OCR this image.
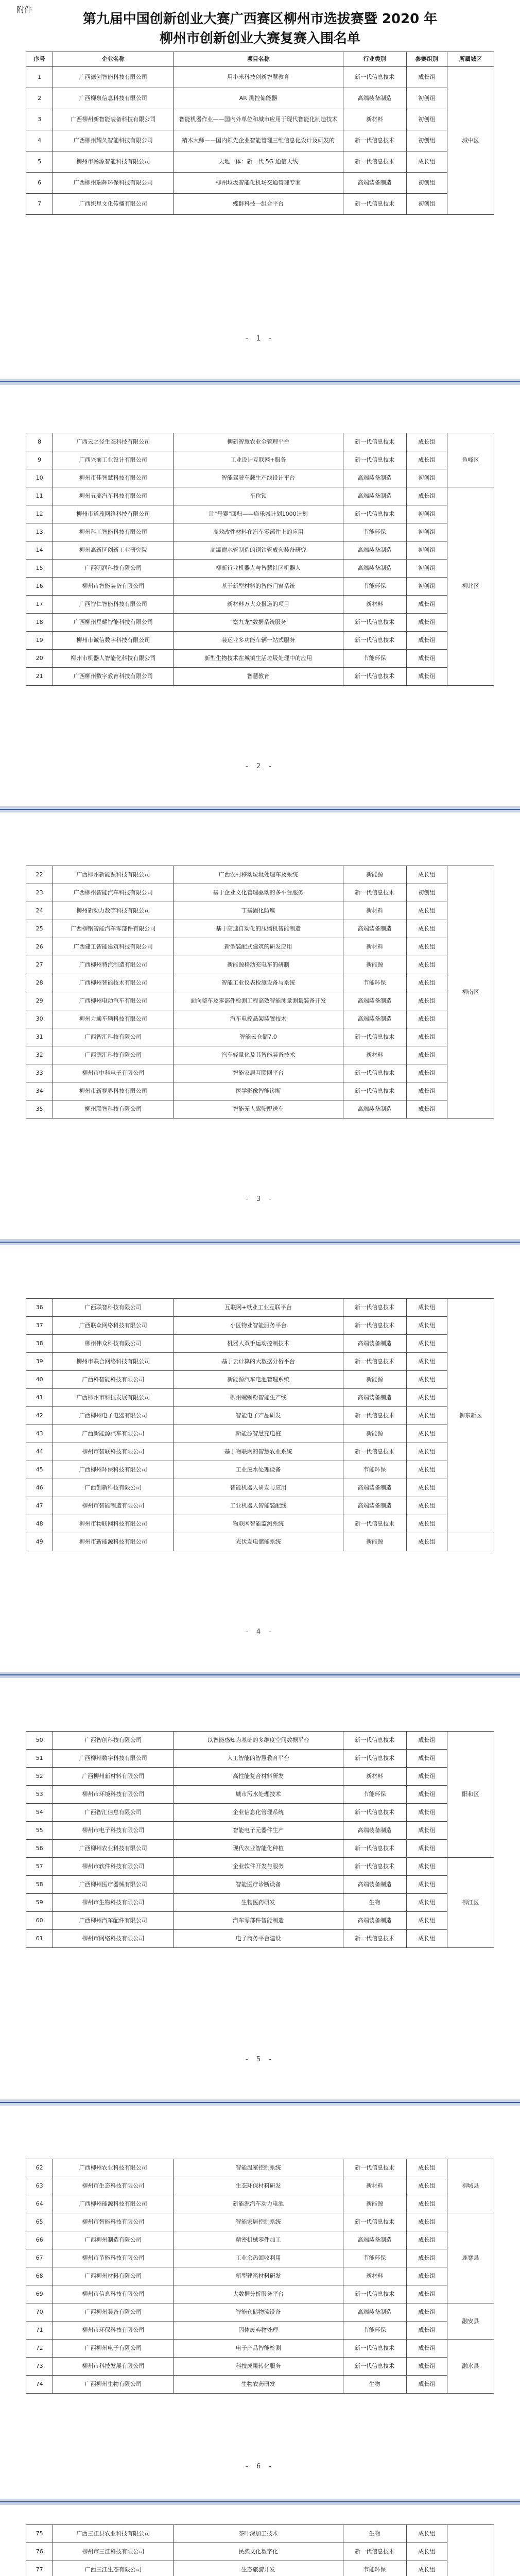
附件
第九届中国创新创业大赛广西赛区柳州市选拔赛暨 2020 年
柳州市创新创业大赛复赛入围名单
序号	企业名称	项目名称	行业类别	参赛组别	所属城区
1	广西德创智能科技有限公司	用小米科技创新智慧教育	新一代信息技术	成长组	城中区
2	广西柳泉信息科技有限公司	AR 测控储能器	高端装备制造	初创组	
3	广西柳州新智能装备科技有限公司	智能机器作业——国内外单位和城市应用于现代智能化制造技术	新材料	初创组	
4	广西柳州耀久智能科技有限公司	精木大师——国内领先企业智能管理三维信息化设计及研发的	新一代信息技术	初创组	
5	柳州市畅源智能科技有限公司	天地一体：新一代 5G 通信天线	新一代信息技术	成长组	
6	广西柳州瑞辉环保科技有限公司	柳州垃圾智能化机场交通管理专家	高端装备制造	初创组	
7	广西织星文化传播有限公司	蝶群科技一组合平台	新一代信息技术	初创组	
- 1 -
8	广西云之径生态科技有限公司	柳新智慧农业全管理平台	新一代信息技术	成长组	鱼峰区
9	广西兴前工业设计有限公司	工业设计互联网+服务	新一代信息技术	成长组	
10	柳州市佳智慧科技有限公司	智能驾驶车载生产线设计平台	高端装备制造	初创组	
11	柳州五菱汽车科技有限公司	车位锁	高端装备制造	成长组	柳北区
12	柳州市道茂网络科技有限公司	让"母婴"回归——鹿乐城计划1000计划	新一代信息技术	初创组	
13	柳州科工智能科技有限公司	高效改性材料在汽车零部件上的应用	节能环保	初创组	
14	柳州高新区创新工业研究院	高温耐水管制造的钢铁管成套装备研究	高端装备制造	初创组	
15	广西明润科技有限公司	柳新行业机器人与智慧社区机器人	高端装备制造	初创组	
16	柳州市智能装备有限公司	基于新型材料的智能门窗系统	节能环保	初创组	
17	广西智仁智能科技有限公司	新材料万大众报道的项目	新材料	成长组	
18	广西柳州星耀智能科技有限公司	"察九龙"数据系统服务	新一代信息技术	成长组	
19	柳州市诚信数字科技有限公司	装运业多功能车辆一站式服务	新一代信息技术	成长组	
20	柳州市机器人智能化科技有限公司	新型生物技术在城镇生活垃圾处理中的应用	节能环保	成长组	
21	广西柳州数字教育科技有限公司	智慧教育	新一代信息技术	成长组	
- 2 -
22	广西柳州新能源科技有限公司	广西农村移动垃圾处理车及系统	新能源	成长组	柳南区
23	广西柳州智能汽车科技有限公司	基于企业文化管理驱动的多平台服务	新一代信息技术	初创组	
24	柳州新动力数字科技有限公司	丁基固化防腐	新材料	成长组	
25	广西柳钢智能汽车零部件有限公司	基于高速自动化的压缩机智能制造	高端装备制造	成长组	
26	广西建工智能建筑科技有限公司	新型装配式建筑的研发应用	新材料	成长组	
27	广西柳州特汽制造有限公司	新能源移动充电车的研制	新能源	成长组	
28	广西柳州智能技术有限公司	智能工业仪表检测设备与系统	节能环保	成长组	
29	广西柳州电动汽车有限公司	面向整车及零部件检测工程高效智能测量测量装备开发	高端装备制造	成长组	
30	柳州力通车辆科技有限公司	汽车电控悬架装置技术	高端装备制造	成长组	
31	广西智汇科技有限公司	智能云仓储7.0	新一代信息技术	成长组	
32	广西源汇科技有限公司	汽车轻量化及其智能装备技术	新材料	成长组	
33	柳州市中科电子有限公司	智能家居互联网平台	新一代信息技术	成长组	
34	柳州市新视界科技有限公司	医学影像智能诊断	新一代信息技术	成长组	
35	柳州联智科技有限公司	智能无人驾驶配送车	高端装备制造	成长组	
- 3 -
36	广西联智科技有限公司	互联网+纸业工业互联平台	新一代信息技术	成长组	柳东新区
37	广西联众网络科技有限公司	小区物业智能服务平台	新一代信息技术	成长组	
38	柳州伟众科技有限公司	机器人双手运动控制技术	高端装备制造	成长组	
39	柳州市联合网络科技有限公司	基于云计算的大数据分析平台	新一代信息技术	成长组	
40	广西科智能科技有限公司	新能源汽车电池管理系统	新能源	成长组	
41	广西柳州市科技发展有限公司	柳州螺蛳粉智能生产线	高端装备制造	成长组	
42	广西柳州电子电器有限公司	智能电子产品研发	新一代信息技术	成长组	
43	广西新能源汽车有限公司	新能源智慧充电桩	新能源	成长组	
44	柳州市智联科技有限公司	基于物联网的智慧农业系统	新一代信息技术	成长组	
45	广西柳州环保科技有限公司	工业废水处理设备	节能环保	成长组	
46	广西创新科技有限公司	智能机器人研发与应用	高端装备制造	成长组	
47	柳州市智能制造有限公司	工业机器人智能装配线	高端装备制造	成长组	
48	柳州市物联网科技有限公司	物联网智能监测系统	新一代信息技术	成长组	
49	柳州市新能源科技有限公司	光伏发电储能系统	新能源	成长组	
- 4 -
50	广西智创科技有限公司	以智能感知为基础的多维度空间数据平台	新一代信息技术	成长组	阳和区
51	广西柳州数字科技有限公司	人工智能的智慧教育平台	新一代信息技术	成长组	
52	广西柳州新材料有限公司	高性能复合材料研发	新材料	成长组	
53	柳州市环境科技有限公司	城市污水处理技术	节能环保	成长组	
54	广西智汇信息有限公司	企业信息化管理系统	新一代信息技术	成长组	
55	柳州市电子科技有限公司	智能电子元器件生产	高端装备制造	成长组	
56	广西柳州农业科技有限公司	现代农业智能化种植	新一代信息技术	成长组	
57	柳州市软件科技有限公司	企业软件开发与服务	新一代信息技术	成长组	柳江区
58	广西柳州医疗器械有限公司	智能医疗诊断设备	高端装备制造	成长组	
59	柳州市生物科技有限公司	生物医药研发	生物	成长组	
60	广西柳州汽车配件有限公司	汽车零部件智能制造	高端装备制造	成长组	
61	柳州市网络科技有限公司	电子商务平台建设	新一代信息技术	成长组	
- 5 -
62	广西柳州农业科技有限公司	智能温室控制系统	新一代信息技术	成长组	柳城县
63	柳州市生态科技有限公司	生态环保材料研发	新材料	成长组	
64	广西柳州能源科技有限公司	新能源汽车动力电池	新能源	成长组	
65	柳州市智能科技有限公司	智能家居控制系统	新一代信息技术	成长组	鹿寨县
66	广西柳州制造有限公司	精密机械零件加工	高端装备制造	成长组	
67	柳州市节能科技有限公司	工业余热回收利用	节能环保	成长组	
68	广西柳州材料有限公司	新型建筑材料研发	新材料	成长组	
69	柳州市信息科技有限公司	大数据分析服务平台	新一代信息技术	成长组	
70	广西柳州装备有限公司	智能仓储物流设备	高端装备制造	成长组	融安县
71	柳州市环保科技有限公司	固体废弃物处理	节能环保	成长组	
72	广西柳州电子有限公司	电子产品智能检测	新一代信息技术	成长组	融水县
73	柳州市科技发展有限公司	科技成果转化服务	新一代信息技术	成长组	
74	广西柳州生物有限公司	生物农药研发	生物	成长组	
- 6 -
75	广西三江县农业科技有限公司	茶叶深加工技术	生物	成长组	
76	柳州市三江科技有限公司	民族文化数字化	新一代信息技术	成长组	
77	广西三江生态有限公司	生态旅游开发	节能环保	成长组	
